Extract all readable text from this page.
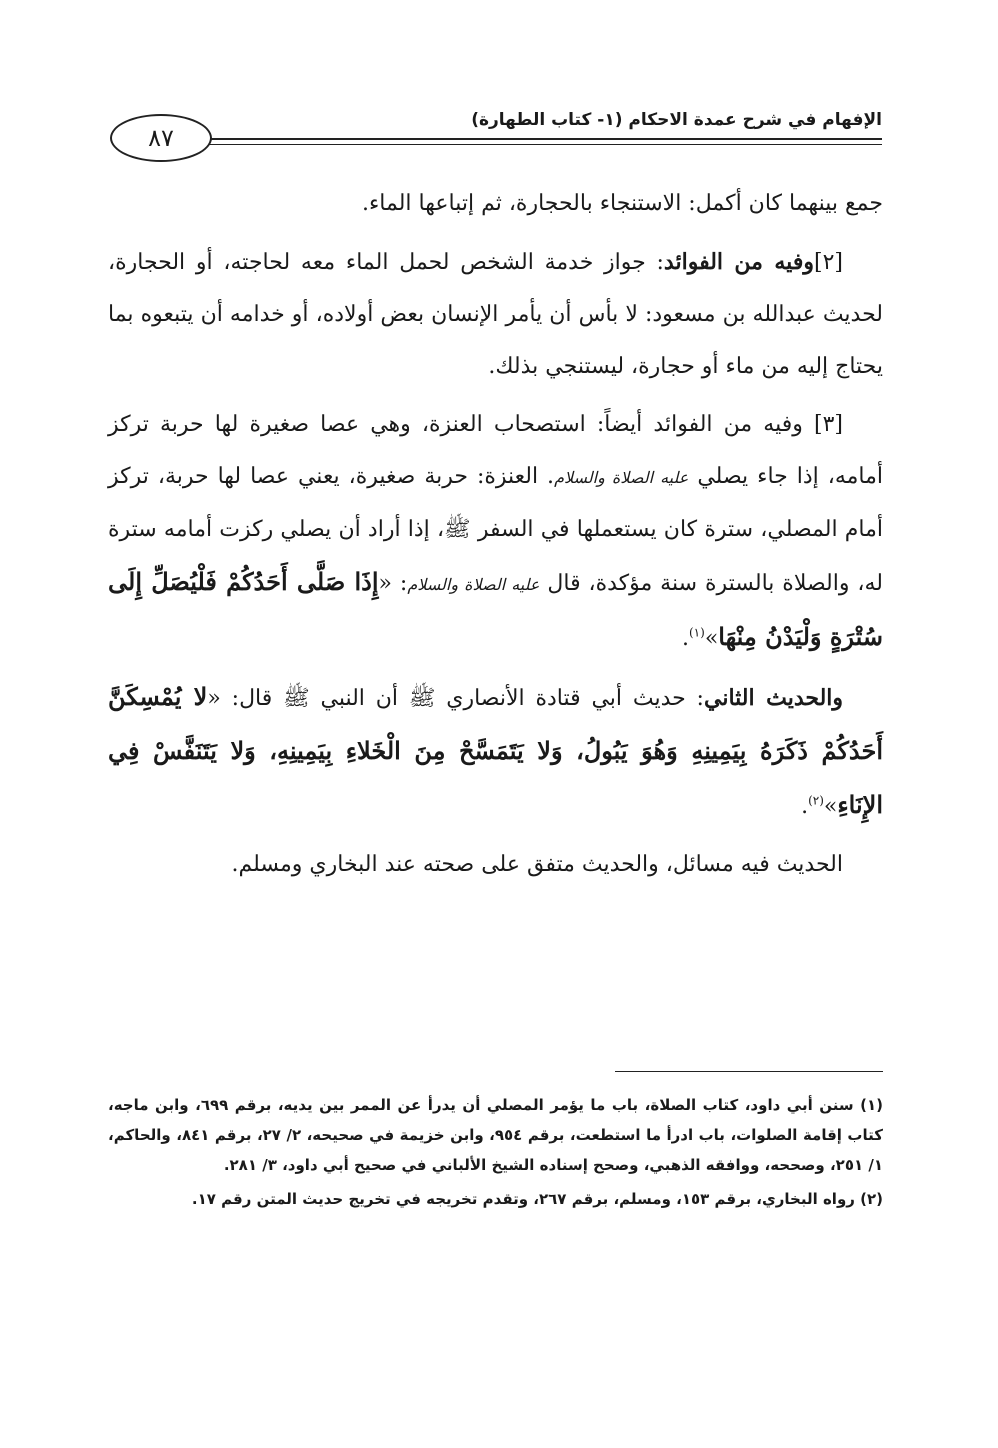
٨٧
الإفهام في شرح عمدة الاحكام (١- كتاب الطهارة)

جمع بينهما كان أكمل: الاستنجاء بالحجارة، ثم إتباعها الماء.

[٢]وفيه من الفوائد: جواز خدمة الشخص لحمل الماء معه لحاجته، أو الحجارة، لحديث عبدالله بن مسعود: لا بأس أن يأمر الإنسان بعض أولاده، أو خدامه أن يتبعوه بما يحتاج إليه من ماء أو حجارة، ليستنجي بذلك.

[٣] وفيه من الفوائد أيضاً: استصحاب العنزة، وهي عصا صغيرة لها حربة تركز أمامه، إذا جاء يصلي عليه الصلاة والسلام. العنزة: حربة صغيرة، يعني عصا لها حربة، تركز أمام المصلي، سترة كان يستعملها في السفر ﷺ، إذا أراد أن يصلي ركزت أمامه سترة له، والصلاة بالسترة سنة مؤكدة، قال عليه الصلاة والسلام: «إِذَا صَلَّى أَحَدُكُمْ فَلْيُصَلِّ إِلَى سُتْرَةٍ وَلْيَدْنُ مِنْهَا»$^{(١)}$.

والحديث الثاني: حديث أبي قتادة الأنصاري ﷺ أن النبي ﷺ قال: «لا يُمْسِكَنَّ أَحَدُكُمْ ذَكَرَهُ بِيَمِينِهِ وَهُوَ يَبُولُ، وَلا يَتَمَسَّحْ مِنَ الْخَلاءِ بِيَمِينِهِ، وَلا يَتَنَفَّسْ فِي الإِنَاءِ»$^{(٢)}$.

الحديث فيه مسائل، والحديث متفق على صحته عند البخاري ومسلم.

(١) سنن أبي داود، كتاب الصلاة، باب ما يؤمر المصلي أن يدرأ عن الممر بين يديه، برقم ٦٩٩، وابن ماجه، كتاب إقامة الصلوات، باب ادرأ ما استطعت، برقم ٩٥٤، وابن خزيمة في صحيحه، ٢/ ٢٧، برقم ٨٤١، والحاكم، ١/ ٢٥١، وصححه، ووافقه الذهبي، وصحح إسناده الشيخ الألباني في صحيح أبي داود، ٣/ ٢٨١.

(٢) رواه البخاري، برقم ١٥٣، ومسلم، برقم ٢٦٧، وتقدم تخريجه في تخريج حديث المتن رقم ١٧.
